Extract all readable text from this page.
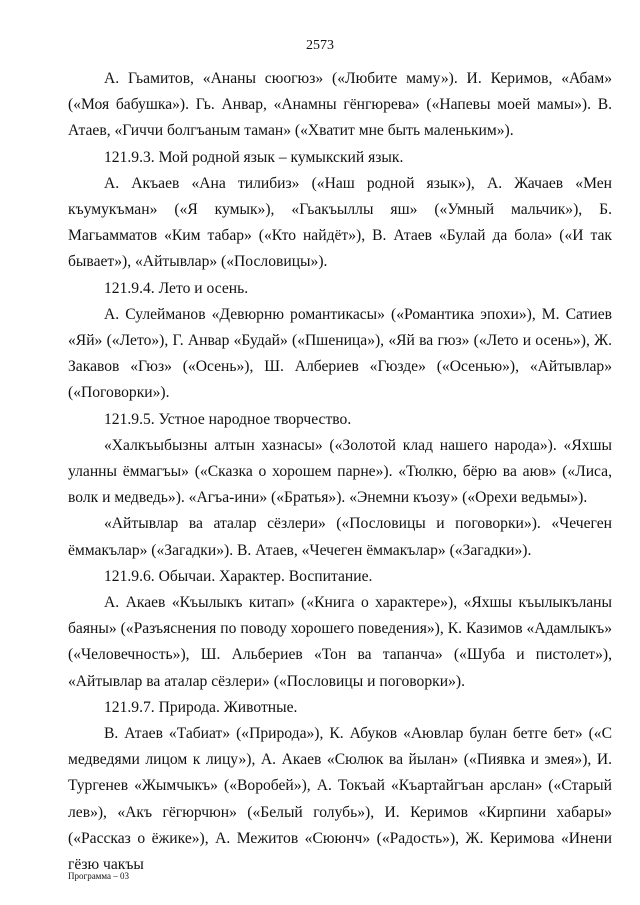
2573

А. Гьамитов, «Ананы сюогюз» («Любите маму»). И. Керимов, «Абам» («Моя бабушка»). Гь. Анвар, «Анамны гёнгюрева» («Напевы моей мамы»). В. Атаев, «Гиччи болгъаным таман» («Хватит мне быть маленьким»).

121.9.3. Мой родной язык – кумыкский язык.

А. Акъаев «Ана тилибиз» («Наш родной язык»), А. Жачаев «Мен къумукъман» («Я кумык»), «Гьакъыллы яш» («Умный мальчик»), Б. Магьамматов «Ким табар» («Кто найдёт»), В. Атаев «Булай да бола» («И так бывает»), «Айтывлар» («Пословицы»).

121.9.4. Лето и осень.

А. Сулейманов «Девюрню романтикасы» («Романтика эпохи»), М. Сатиев «Яй» («Лето»), Г. Анвар «Будай» («Пшеница»), «Яй ва гюз» («Лето и осень»), Ж. Закавов «Гюз» («Осень»), Ш. Албериев «Гюзде» («Осенью»), «Айтывлар» («Поговорки»).

121.9.5. Устное народное творчество.

«Халкъыбызны алтын хазнасы» («Золотой клад нашего народа»). «Яхшы уланны ёммагъы» («Сказка о хорошем парне»). «Тюлкю, бёрю ва аюв» («Лиса, волк и медведь»). «Агъа-ини» («Братья»). «Энемни къозу» («Орехи ведьмы»).

«Айтывлар ва аталар сёзлери» («Пословицы и поговорки»). «Чечеген ёммакълар» («Загадки»). В. Атаев, «Чечеген ёммакълар» («Загадки»).

121.9.6. Обычаи. Характер. Воспитание.

А. Акаев «Къылыкъ китап» («Книга о характере»), «Яхшы къылыкъланы баяны» («Разъяснения по поводу хорошего поведения»), К. Казимов «Адамлыкъ» («Человечность»), Ш. Альбериев «Тон ва тапанча» («Шуба и пистолет»), «Айтывлар ва аталар сёзлери» («Пословицы и поговорки»).

121.9.7. Природа. Животные.

В. Атаев «Табиат» («Природа»), К. Абуков «Аювлар булан бетге бет» («С медведями лицом к лицу»), А. Акаев «Сюлюк ва йылан» («Пиявка и змея»), И. Тургенев «Жымчыкъ» («Воробей»), А. Токъай «Къартайгъан арслан» («Старый лев»), «Акъ гёгюрчюн» («Белый голубь»), И. Керимов «Кирпини хабары» («Рассказ о ёжике»), А. Межитов «Сююнч» («Радость»), Ж. Керимова «Инени гёзю чакъы

Программа – 03
